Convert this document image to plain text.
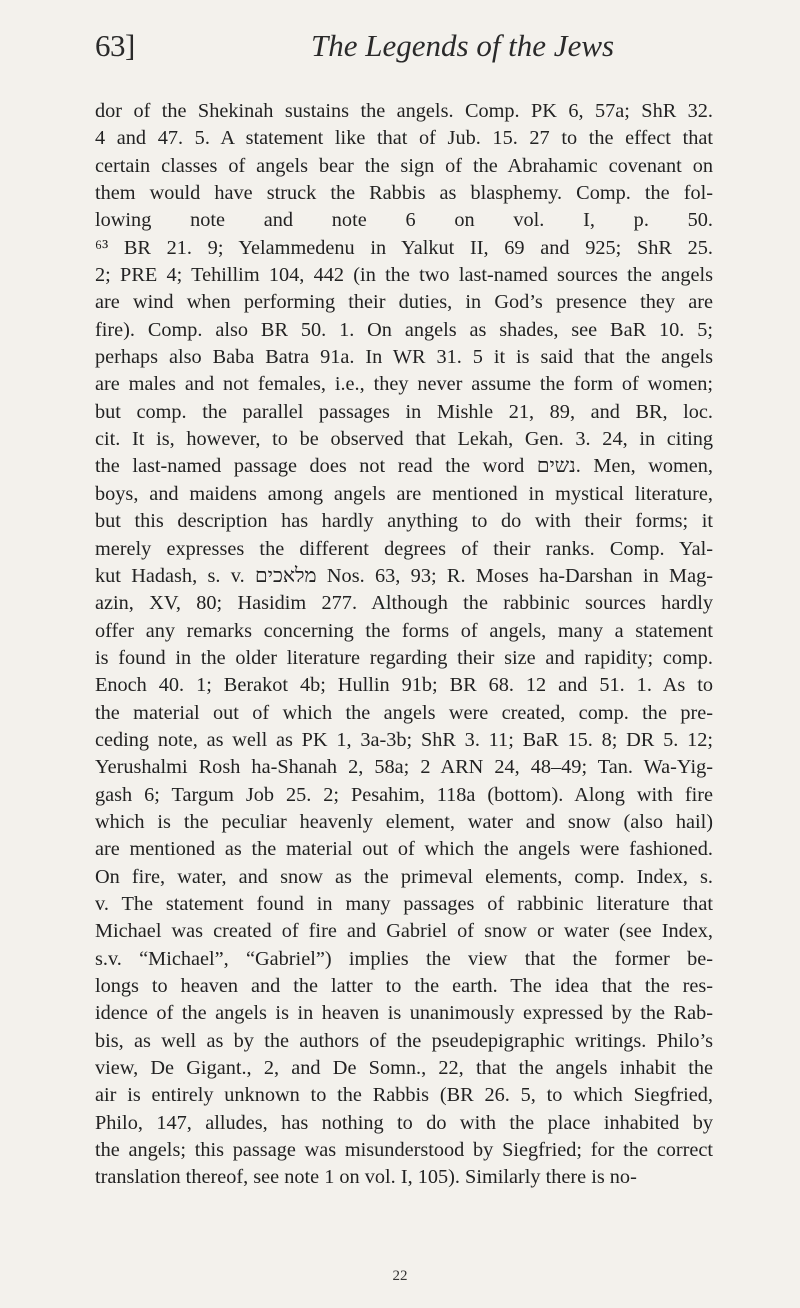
63]	The Legends of the Jews
dor of the Shekinah sustains the angels. Comp. PK 6, 57a; ShR 32.
4 and 47. 5. A statement like that of Jub. 15. 27 to the effect that
certain classes of angels bear the sign of the Abrahamic covenant on
them would have struck the Rabbis as blasphemy. Comp. the fol-
lowing note and note 6 on vol. I, p. 50.
⁶³ BR 21. 9; Yelammedenu in Yalkut II, 69 and 925; ShR 25.
2; PRE 4; Tehillim 104, 442 (in the two last-named sources the angels
are wind when performing their duties, in God’s presence they are
fire). Comp. also BR 50. 1. On angels as shades, see BaR 10. 5;
perhaps also Baba Batra 91a. In WR 31. 5 it is said that the angels
are males and not females, i.e., they never assume the form of women;
but comp. the parallel passages in Mishle 21, 89, and BR, loc.
cit. It is, however, to be observed that Lekah, Gen. 3. 24, in citing
the last-named passage does not read the word נשים. Men, women,
boys, and maidens among angels are mentioned in mystical literature,
but this description has hardly anything to do with their forms; it
merely expresses the different degrees of their ranks. Comp. Yal-
kut Hadash, s. v. מלאכים Nos. 63, 93; R. Moses ha-Darshan in Mag-
azin, XV, 80; Hasidim 277. Although the rabbinic sources hardly
offer any remarks concerning the forms of angels, many a statement
is found in the older literature regarding their size and rapidity; comp.
Enoch 40. 1; Berakot 4b; Hullin 91b; BR 68. 12 and 51. 1. As to
the material out of which the angels were created, comp. the pre-
ceding note, as well as PK 1, 3a-3b; ShR 3. 11; BaR 15. 8; DR 5. 12;
Yerushalmi Rosh ha-Shanah 2, 58a; 2 ARN 24, 48–49; Tan. Wa-Yig-
gash 6; Targum Job 25. 2; Pesahim, 118a (bottom). Along with fire
which is the peculiar heavenly element, water and snow (also hail)
are mentioned as the material out of which the angels were fashioned.
On fire, water, and snow as the primeval elements, comp. Index, s.
v. The statement found in many passages of rabbinic literature that
Michael was created of fire and Gabriel of snow or water (see Index,
s.v. “Michael”, “Gabriel”) implies the view that the former be-
longs to heaven and the latter to the earth. The idea that the res-
idence of the angels is in heaven is unanimously expressed by the Rab-
bis, as well as by the authors of the pseudepigraphic writings. Philo’s
view, De Gigant., 2, and De Somn., 22, that the angels inhabit the
air is entirely unknown to the Rabbis (BR 26. 5, to which Siegfried,
Philo, 147, alludes, has nothing to do with the place inhabited by
the angels; this passage was misunderstood by Siegfried; for the correct
translation thereof, see note 1 on vol. I, 105). Similarly there is no-
22
